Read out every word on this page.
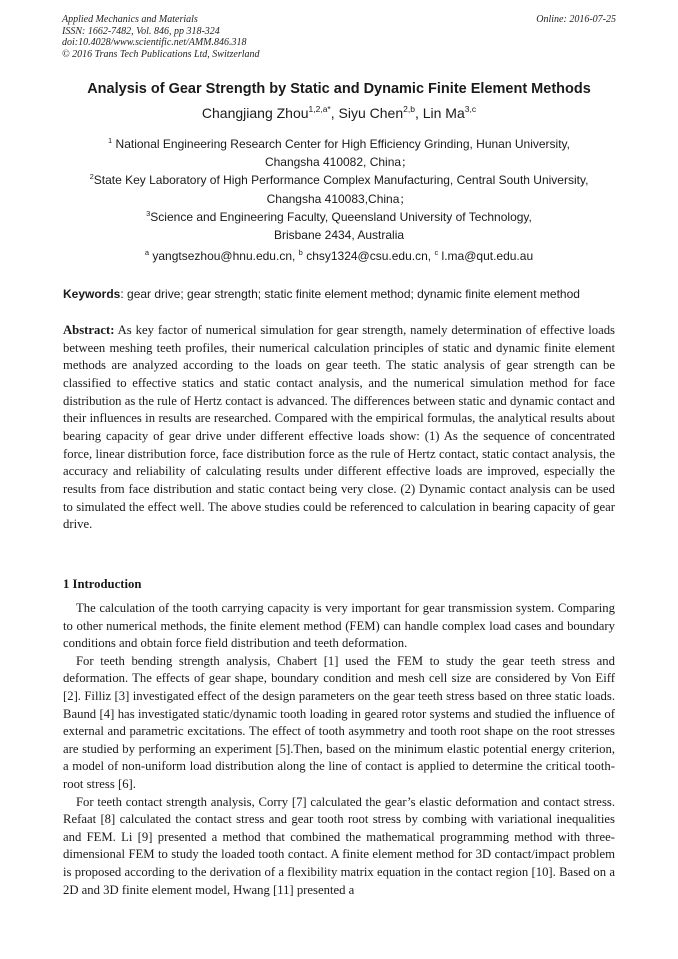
Applied Mechanics and Materials
ISSN: 1662-7482, Vol. 846, pp 318-324
doi:10.4028/www.scientific.net/AMM.846.318
© 2016 Trans Tech Publications Ltd, Switzerland
Online: 2016-07-25
Analysis of Gear Strength by Static and Dynamic Finite Element Methods
Changjiang Zhou$^{1,2,a*}$, Siyu Chen$^{2,b}$, Lin Ma$^{3,c}$
$^1$ National Engineering Research Center for High Efficiency Grinding, Hunan University,
Changsha 410082, China；
$^2$State Key Laboratory of High Performance Complex Manufacturing, Central South University,
Changsha 410083,China；
$^3$Science and Engineering Faculty, Queensland University of Technology,
Brisbane 2434, Australia
$^a$ yangtsezhou@hnu.edu.cn, $^b$ chsy1324@csu.edu.cn, $^c$ l.ma@qut.edu.au
Keywords: gear drive; gear strength; static finite element method; dynamic finite element method
Abstract: As key factor of numerical simulation for gear strength, namely determination of effective loads between meshing teeth profiles, their numerical calculation principles of static and dynamic finite element methods are analyzed according to the loads on gear teeth. The static analysis of gear strength can be classified to effective statics and static contact analysis, and the numerical simulation method for face distribution as the rule of Hertz contact is advanced. The differences between static and dynamic contact and their influences in results are researched. Compared with the empirical formulas, the analytical results about bearing capacity of gear drive under different effective loads show: (1) As the sequence of concentrated force, linear distribution force, face distribution force as the rule of Hertz contact, static contact analysis, the accuracy and reliability of calculating results under different effective loads are improved, especially the results from face distribution and static contact being very close. (2) Dynamic contact analysis can be used to simulated the effect well. The above studies could be referenced to calculation in bearing capacity of gear drive.
1 Introduction

The calculation of the tooth carrying capacity is very important for gear transmission system. Comparing to other numerical methods, the finite element method (FEM) can handle complex load cases and boundary conditions and obtain force field distribution and teeth deformation.

For teeth bending strength analysis, Chabert [1] used the FEM to study the gear teeth stress and deformation. The effects of gear shape, boundary condition and mesh cell size are considered by Von Eiff [2]. Filliz [3] investigated effect of the design parameters on the gear teeth stress based on three static loads. Baund [4] has investigated static/dynamic tooth loading in geared rotor systems and studied the influence of external and parametric excitations. The effect of tooth asymmetry and tooth root shape on the root stresses are studied by performing an experiment [5].Then, based on the minimum elastic potential energy criterion, a model of non-uniform load distribution along the line of contact is applied to determine the critical tooth-root stress [6].

For teeth contact strength analysis, Corry [7] calculated the gear’s elastic deformation and contact stress. Refaat [8] calculated the contact stress and gear tooth root stress by combing with variational inequalities and FEM. Li [9] presented a method that combined the mathematical programming method with three-dimensional FEM to study the loaded tooth contact. A finite element method for 3D contact/impact problem is proposed according to the derivation of a flexibility matrix equation in the contact region [10]. Based on a 2D and 3D finite element model, Hwang [11] presented a
